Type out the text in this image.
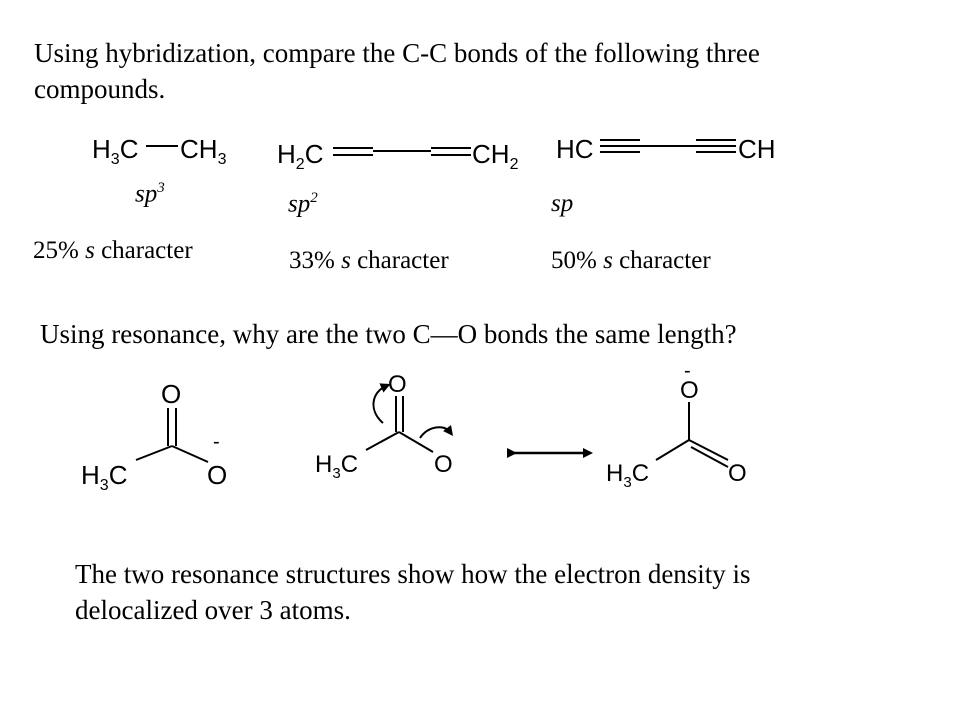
Using hybridization, compare the C-C bonds of the following three
compounds.
$sp^3$
$sp^2$	sp
25% s character	33% s character	50% s character
Using resonance, why are the two C—O bonds the same length?
The two resonance structures show how the electron density is
delocalized over 3 atoms.
$H_3C$ $CH_3$ $H_2C$	$CH_2$
HC	CH
O
$H_3C$	O
-
O
$H_3C$	O
O
-
$H_3C$	O
